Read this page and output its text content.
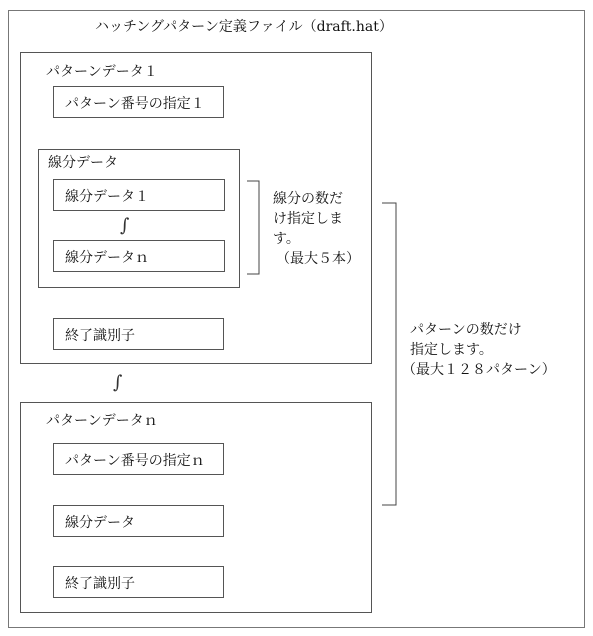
ハッチングパターン定義ファイル（draft.hat）
パターンデータ１
パターン番号の指定１
線分データ
線分データ１
∫
線分データｎ
終了識別子
線分の数だ
け指定しま
す。
（最大５本）
∫
パターンデータｎ
パターン番号の指定ｎ
線分データ
終了識別子
パターンの数だけ
指定します。
（最大１２８パターン）
